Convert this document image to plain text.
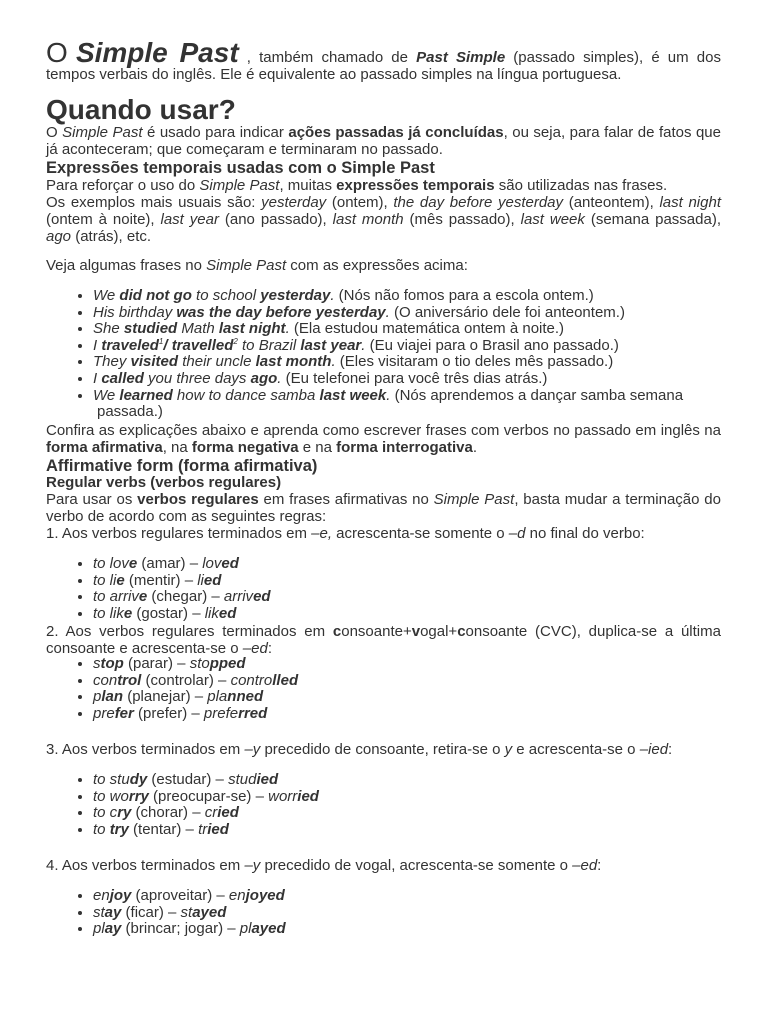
O Simple Past , também chamado de Past Simple (passado simples), é um dos tempos verbais do inglês. Ele é equivalente ao passado simples na língua portuguesa.

Quando usar?

O Simple Past é usado para indicar ações passadas já concluídas, ou seja, para falar de fatos que já aconteceram; que começaram e terminaram no passado.

Expressões temporais usadas com o Simple Past

Para reforçar o uso do Simple Past, muitas expressões temporais são utilizadas nas frases.

Os exemplos mais usuais são: yesterday (ontem), the day before yesterday (anteontem), last night (ontem à noite), last year (ano passado), last month (mês passado), last week (semana passada), ago (atrás), etc.

Veja algumas frases no Simple Past com as expressões acima:

• We did not go to school yesterday. (Nós não fomos para a escola ontem.)
• His birthday was the day before yesterday. (O aniversário dele foi anteontem.)
• She studied Math last night. (Ela estudou matemática ontem à noite.)
• I traveled$^1$/ travelled$^2$ to Brazil last year. (Eu viajei para o Brasil ano passado.)
• They visited their uncle last month. (Eles visitaram o tio deles mês passado.)
• I called you three days ago. (Eu telefonei para você três dias atrás.)
• We learned how to dance samba last week. (Nós aprendemos a dançar samba semana
passada.)

Confira as explicações abaixo e aprenda como escrever frases com verbos no passado em inglês na forma afirmativa, na forma negativa e na forma interrogativa.

Affirmative form (forma afirmativa)

Regular verbs (verbos regulares)

Para usar os verbos regulares em frases afirmativas no Simple Past, basta mudar a terminação do verbo de acordo com as seguintes regras:

1. Aos verbos regulares terminados em –e, acrescenta-se somente o –d no final do verbo:

• to love (amar) – loved
• to lie (mentir) – lied
• to arrive (chegar) – arrived
• to like (gostar) – liked

2. Aos verbos regulares terminados em consoante+vogal+consoante (CVC), duplica-se a última consoante e acrescenta-se o –ed:

• stop (parar) – stopped
• control (controlar) – controlled
• plan (planejar) – planned
• prefer (prefer) – preferred

3. Aos verbos terminados em –y precedido de consoante, retira-se o y e acrescenta-se o –ied:

• to study (estudar) – studied
• to worry (preocupar-se) – worried
• to cry (chorar) – cried
• to try (tentar) – tried

4. Aos verbos terminados em –y precedido de vogal, acrescenta-se somente o –ed:

• enjoy (aproveitar) – enjoyed
• stay (ficar) – stayed
• play (brincar; jogar) – played
